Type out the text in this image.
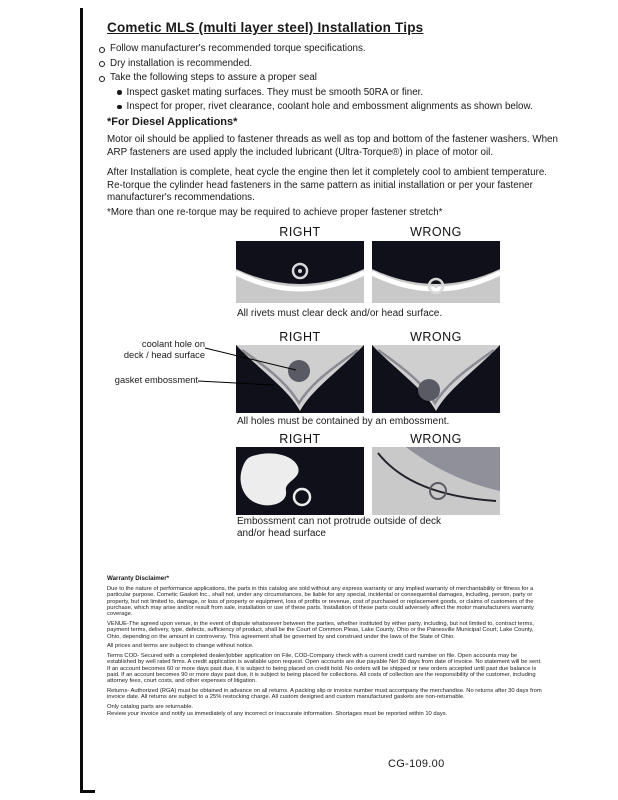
Cometic MLS (multi layer steel) Installation Tips
Follow manufacturer's recommended torque specifications.
Dry installation is recommended.
Take the following steps to assure a proper seal
Inspect gasket mating surfaces. They must be smooth 50RA or finer.
Inspect for proper, rivet clearance, coolant hole and embossment alignments as shown below.
*For Diesel Applications*

Motor oil should be applied to fastener threads as well as top and bottom of the fastener washers. When ARP fasteners are used apply the included lubricant (Ultra-Torque®) in place of motor oil.

After Installation is complete, heat cycle the engine then let it completely cool to ambient temperature. Re-torque the cylinder head fasteners in the same pattern as initial installation or per your fastener manufacturer's recommendations.

*More than one re-torque may be required to achieve proper fastener stretch*

RIGHT	WRONG
All rivets must clear deck and/or head surface.
RIGHT	WRONG
coolant hole on
deck / head surface
gasket embossment
All holes must be contained by an embossment.
RIGHT	WRONG
Embossment can not protrude outside of deck
and/or head surface
Warranty Disclaimer*
Due to the nature of performance applications, the parts in this catalog are sold without any express warranty or any implied warranty of merchantability or fitness for a particular purpose. Cometic Gasket Inc., shall not, under any circumstances, be liable for any special, incidental or consequential damages, including, person, party or property, but not limited to, damage, or loss of property or equipment, loss of profits or revenue, cost of purchased or replacement goods, or claims of customers of the purchase, which may arise and/or result from sale, installation or use of these parts. Installation of these parts could adversely affect the motor manufacturers warranty coverage.
VENUE-The agreed upon venue, in the event of dispute whatsoever between the parties, whether instituted by either party, including, but not limited to, contract terms, payment terms, delivery, type, defects, sufficiency of product, shall be the Court of Common Pleas, Lake County, Ohio or the Painesville Municipal Court, Lake County, Ohio, depending on the amount in controversy. This agreement shall be governed by and construed under the laws of the State of Ohio.
All prices and terms are subject to change without notice.
Terms COD- Secured with a completed dealer/jobber application on File, COD-Company check with a current credit card number on file. Open accounts may be established by well rated firms. A credit application is available upon request. Open accounts are due payable Net 30 days from date of invoice. No statement will be sent. If an account becomes 60 or more days past due, it is subject to being placed on credit hold. No orders will be shipped or new orders accepted until past due balance is paid. If an account becomes 90 or more days past due, it is subject to being placed for collections. All costs of collection are the responsibility of the customer, including attorney fees, court costs, and other expenses of litigation.
Returns- Authorized (RGA) must be obtained in advance on all returns. A packing slip or invoice number must accompany the merchandise. No returns after 30 days from invoice date. All returns are subject to a 25% restocking charge. All custom designed and custom manufactured gaskets are non-returnable.
Only catalog parts are returnable.
Review your invoice and notify us immediately of any incorrect or inaccurate information. Shortages must be reported within 10 days.
CG-109.00
